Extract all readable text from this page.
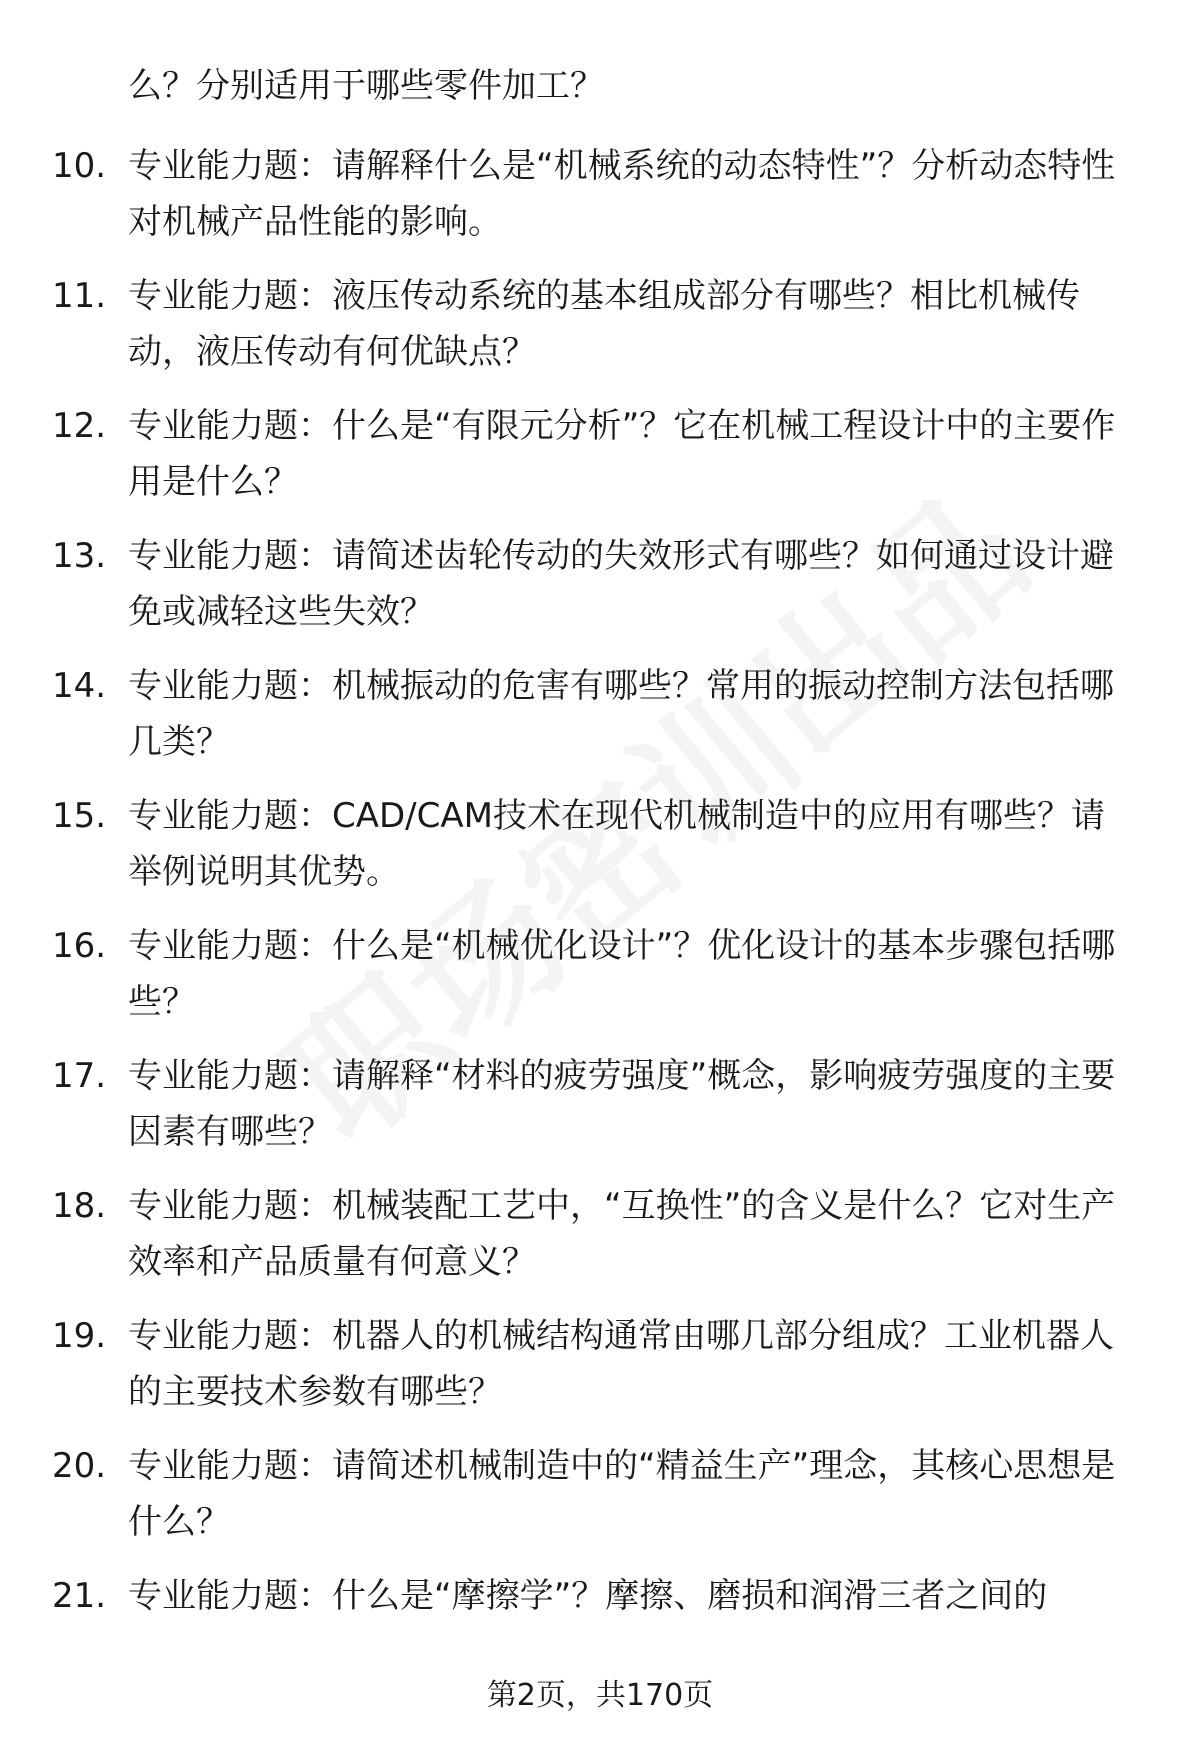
么？分别适用于哪些零件加工？
10. 专业能力题：请解释什么是“机械系统的动态特性”？分析动态特性对机械产品性能的影响。
11. 专业能力题：液压传动系统的基本组成部分有哪些？相比机械传动，液压传动有何优缺点？
12. 专业能力题：什么是“有限元分析”？它在机械工程设计中的主要作用是什么？
13. 专业能力题：请简述齿轮传动的失效形式有哪些？如何通过设计避免或减轻这些失效？
14. 专业能力题：机械振动的危害有哪些？常用的振动控制方法包括哪几类？
15. 专业能力题：CAD/CAM技术在现代机械制造中的应用有哪些？请举例说明其优势。
16. 专业能力题：什么是“机械优化设计”？优化设计的基本步骤包括哪些？
17. 专业能力题：请解释“材料的疲劳强度”概念，影响疲劳强度的主要因素有哪些？
18. 专业能力题：机械装配工艺中，“互换性”的含义是什么？它对生产效率和产品质量有何意义？
19. 专业能力题：机器人的机械结构通常由哪几部分组成？工业机器人的主要技术参数有哪些？
20. 专业能力题：请简述机械制造中的“精益生产”理念，其核心思想是什么？
21. 专业能力题：什么是“摩擦学”？摩擦、磨损和润滑三者之间的
第2页，共170页
